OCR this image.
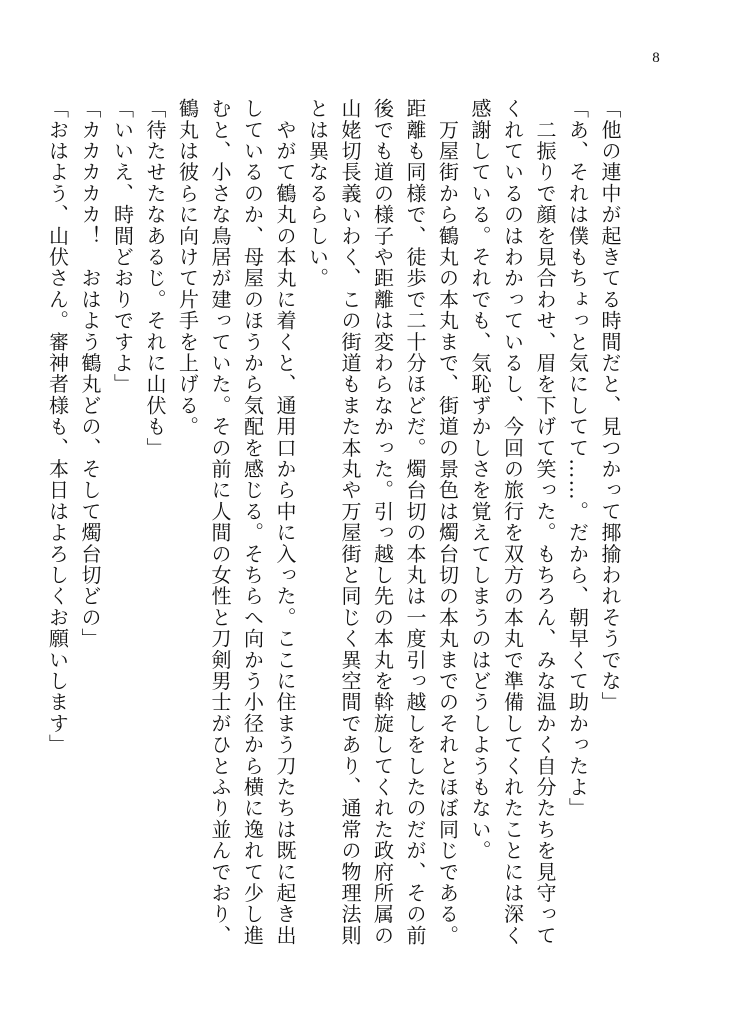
8
「他の連中が起きてる時間だと、見つかって揶揄われそうでな」
「あ、それは僕もちょっと気にしてて……。だから、朝早くて助かったよ」
　二振りで顔を見合わせ、眉を下げて笑った。もちろん、みな温かく自分たちを見守って
くれているのはわかっているし、今回の旅行を双方の本丸で準備してくれたことには深く
感謝している。それでも、気恥ずかしさを覚えてしまうのはどうしようもない。
　万屋街から鶴丸の本丸まで、街道の景色は燭台切の本丸までのそれとほぼ同じである。
距離も同様で、徒歩で二十分ほどだ。燭台切の本丸は一度引っ越しをしたのだが、その前
後でも道の様子や距離は変わらなかった。引っ越し先の本丸を斡旋してくれた政府所属の
山姥切長義いわく、この街道もまた本丸や万屋街と同じく異空間であり、通常の物理法則
とは異なるらしい。
　やがて鶴丸の本丸に着くと、通用口から中に入った。ここに住まう刀たちは既に起き出
しているのか、母屋のほうから気配を感じる。そちらへ向かう小径から横に逸れて少し進
むと、小さな鳥居が建っていた。その前に人間の女性と刀剣男士がひとふり並んでおり、
鶴丸は彼らに向けて片手を上げる。
「待たせたなあるじ。それに山伏も」
「いいえ、時間どおりですよ」
「カカカカカ！　おはよう鶴丸どの、そして燭台切どの」
「おはよう、山伏さん。審神者様も、本日はよろしくお願いします」
